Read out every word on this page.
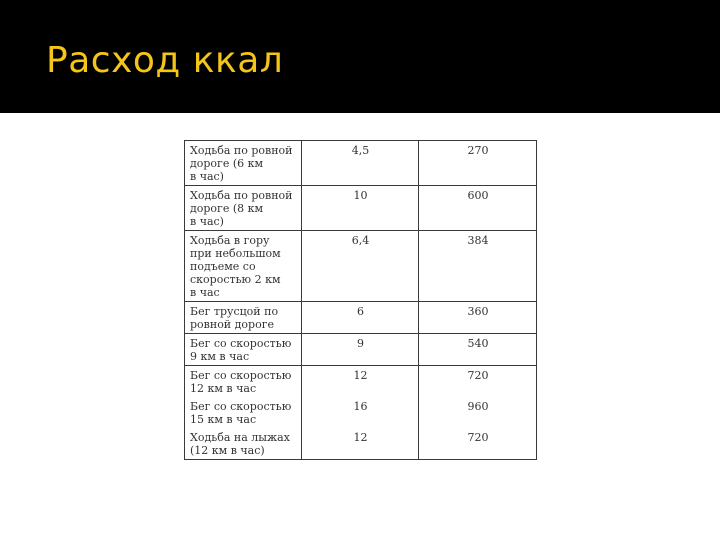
Расход ккал
Ходьба по ровной
дороге (6 км
в час)	4,5	270

Ходьба по ровной
дороге (8 км
в час)	10	600

Ходьба в гору
при небольшом
подъеме со
скоростью 2 км
в час	6,4	384

Бег трусцой по
ровной дороге	6	360

Бег со скоростью
9 км в час	9	540

Бег со скоростью
12 км в час	12	720

Бег со скоростью
15 км в час	16	960

Ходьба на лыжах
(12 км в час)	12	720
